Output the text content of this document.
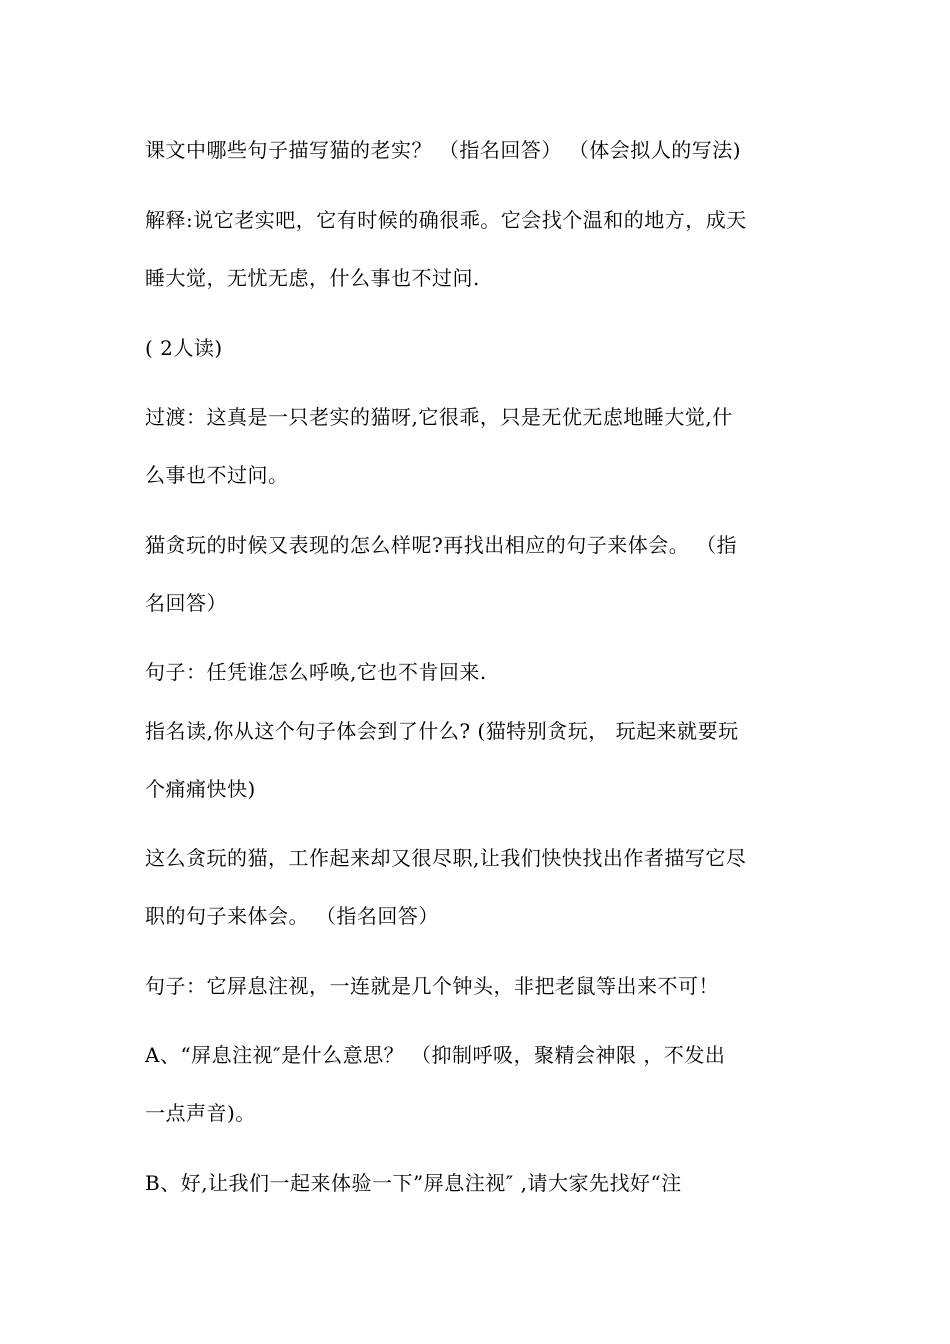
课文中哪些句子描写猫的老实？ （指名回答） （体会拟人的写法)
解释:说它老实吧，它有时候的确很乖。它会找个温和的地方，成天
睡大觉，无忧无虑，什么事也不过问.
( 2人读)
过渡：这真是一只老实的猫呀,它很乖，只是无优无虑地睡大觉,什
么事也不过问。
猫贪玩的时候又表现的怎么样呢?再找出相应的句子来体会。 （指
名回答）
句子：任凭谁怎么呼唤,它也不肯回来.
指名读,你从这个句子体会到了什么? (猫特别贪玩， 玩起来就要玩
个痛痛快快)
这么贪玩的猫，工作起来却又很尽职,让我们快快找出作者描写它尽
职的句子来体会。 （指名回答）
句子：它屏息注视，一连就是几个钟头，非把老鼠等出来不可！
A、“屏息注视″是什么意思？ （抑制呼吸，聚精会神限 ，不发出
一点声音)。
B、好,让我们一起来体验一下”屏息注视″ ,请大家先找好“注
